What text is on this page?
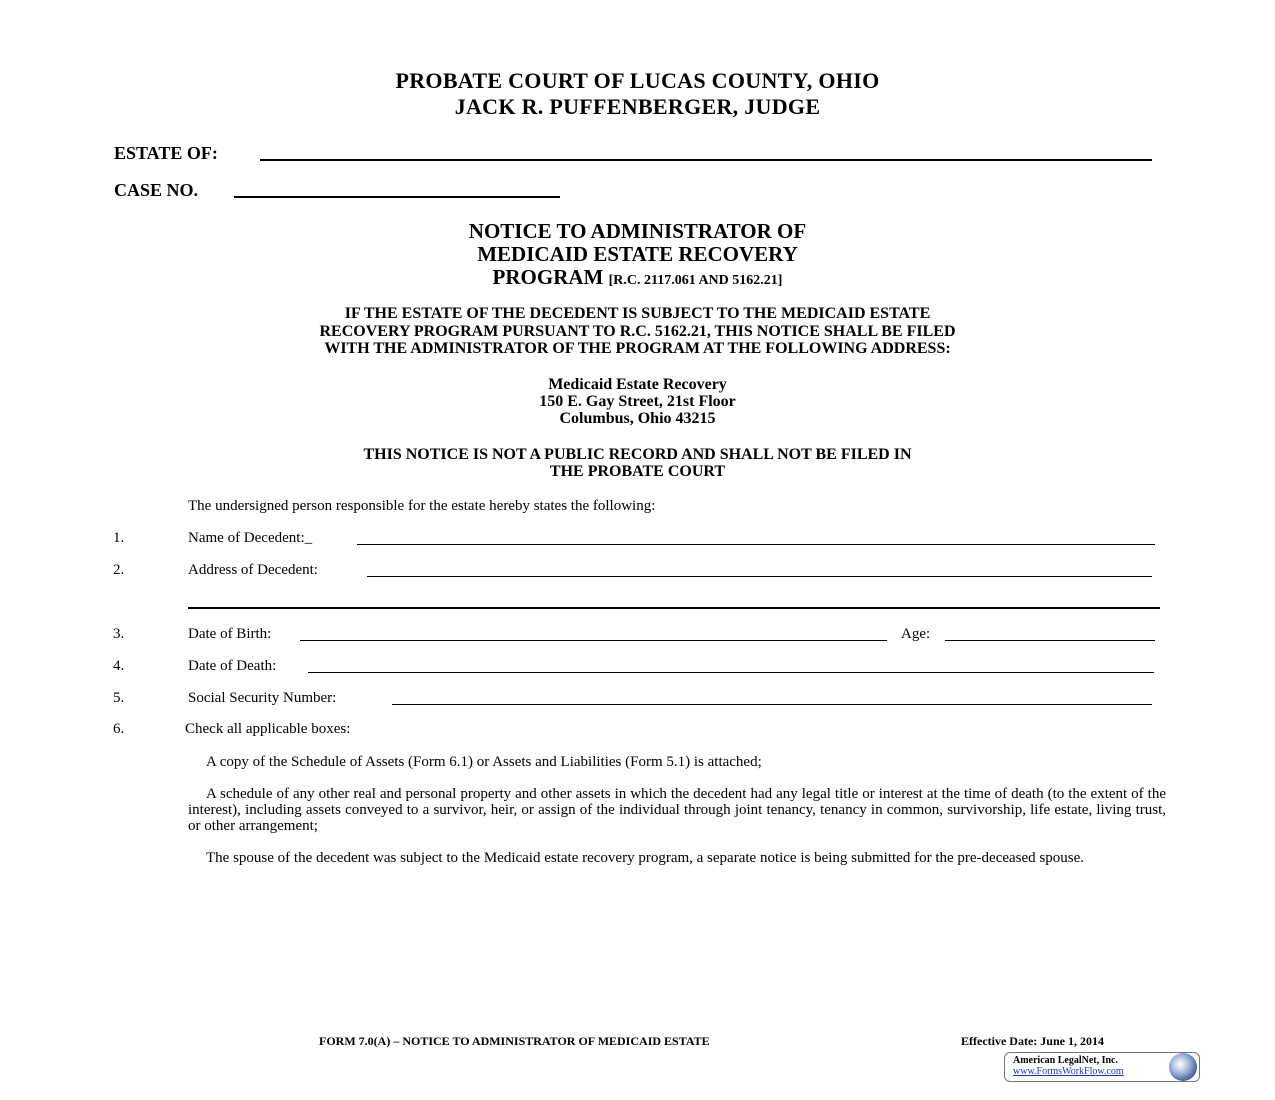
PROBATE COURT OF LUCAS COUNTY, OHIO
JACK R. PUFFENBERGER, JUDGE
ESTATE OF:
CASE NO.
NOTICE TO ADMINISTRATOR OF
MEDICAID ESTATE RECOVERY
PROGRAM [R.C. 2117.061 AND 5162.21]
IF THE ESTATE OF THE DECEDENT IS SUBJECT TO THE MEDICAID ESTATE
RECOVERY PROGRAM PURSUANT TO R.C. 5162.21, THIS NOTICE SHALL BE FILED
WITH THE ADMINISTRATOR OF THE PROGRAM AT THE FOLLOWING ADDRESS:
Medicaid Estate Recovery
150 E. Gay Street, 21st Floor
Columbus, Ohio 43215
THIS NOTICE IS NOT A PUBLIC RECORD AND SHALL NOT BE FILED IN
THE PROBATE COURT
The undersigned person responsible for the estate hereby states the following:
1.	Name of Decedent:_
2.	Address of Decedent:
3.	Date of Birth:	Age:
4.	Date of Death:
5.	Social Security Number:
6.	Check all applicable boxes:
A copy of the Schedule of Assets (Form 6.1) or Assets and Liabilities (Form 5.1) is attached;
A schedule of any other real and personal property and other assets in which the decedent had any legal title or interest at the time of death (to the extent of the interest), including assets conveyed to a survivor, heir, or assign of the individual through joint tenancy, tenancy in common, survivorship, life estate, living trust, or other arrangement;
The spouse of the decedent was subject to the Medicaid estate recovery program, a separate notice is being submitted for the pre-deceased spouse.
FORM 7.0(A) – NOTICE TO ADMINISTRATOR OF MEDICAID ESTATE	Effective Date: June 1, 2014
American LegalNet, Inc.
www.FormsWorkFlow.com
